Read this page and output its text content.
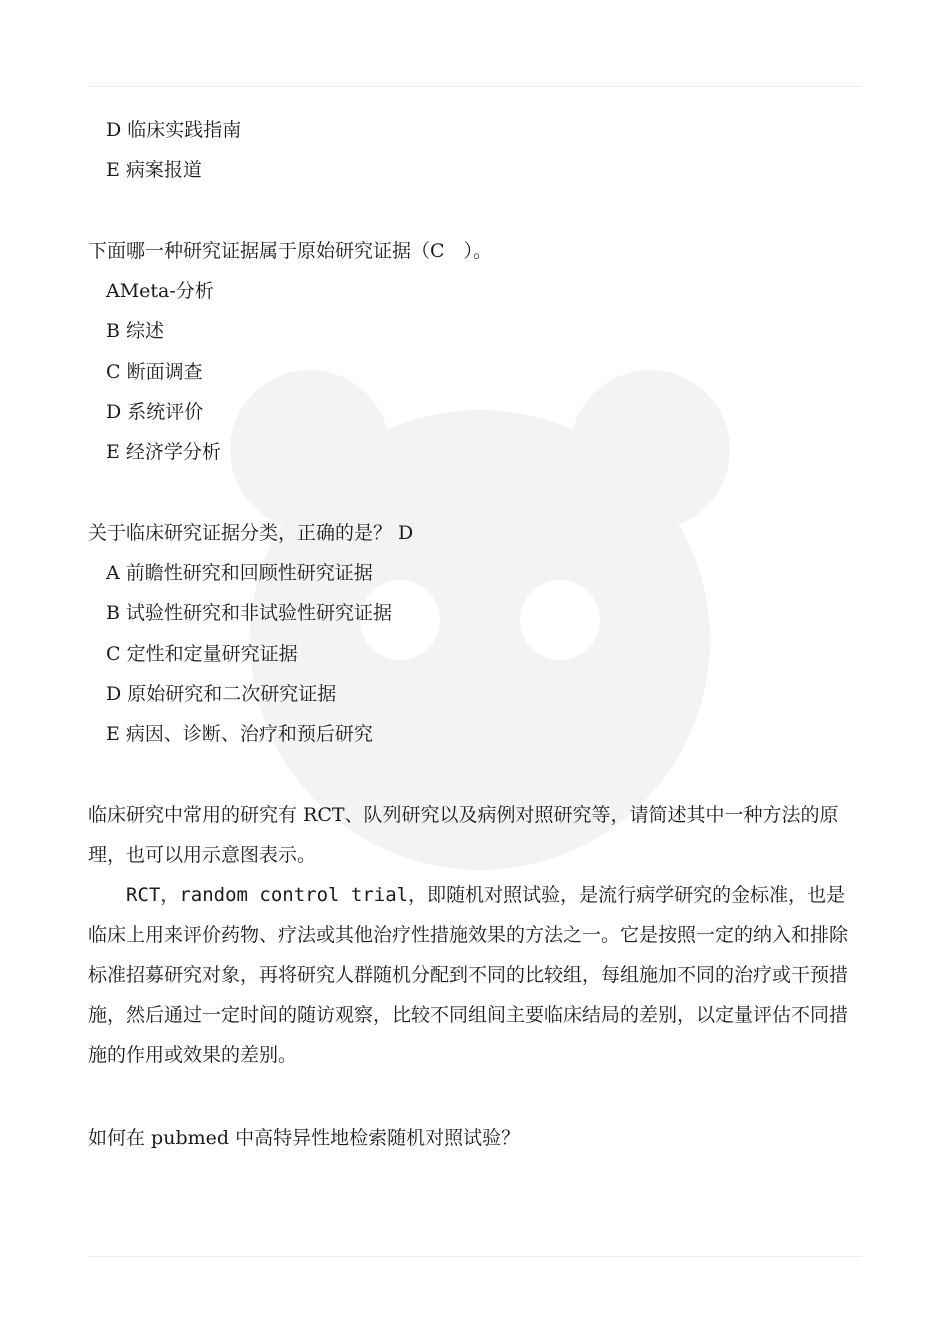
D 临床实践指南
E 病案报道
下面哪一种研究证据属于原始研究证据（C　）。
AMeta-分析
B 综述
C 断面调查
D 系统评价
E 经济学分析
关于临床研究证据分类，正确的是？ D
A 前瞻性研究和回顾性研究证据
B 试验性研究和非试验性研究证据
C 定性和定量研究证据
D 原始研究和二次研究证据
E 病因、诊断、治疗和预后研究

临床研究中常用的研究有 RCT、队列研究以及病例对照研究等，请简述其中一种方法的原理，也可以用示意图表示。

RCT，random control trial，即随机对照试验，是流行病学研究的金标准，也是临床上用来评价药物、疗法或其他治疗性措施效果的方法之一。它是按照一定的纳入和排除标准招募研究对象，再将研究人群随机分配到不同的比较组，每组施加不同的治疗或干预措施，然后通过一定时间的随访观察，比较不同组间主要临床结局的差别，以定量评估不同措施的作用或效果的差别。

如何在 pubmed 中高特异性地检索随机对照试验？
